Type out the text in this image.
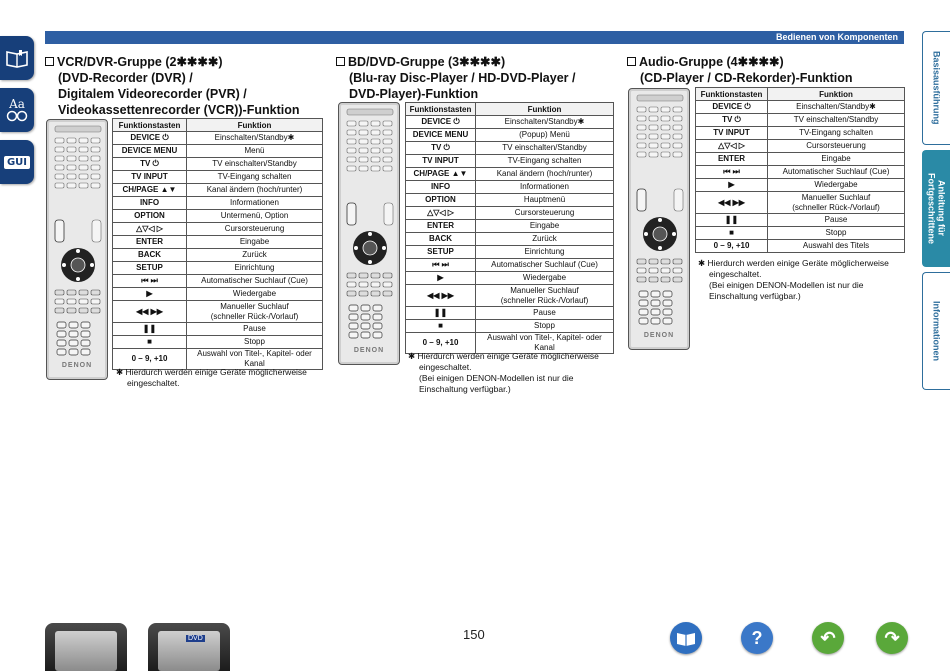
Aa
GUI
Bedienen von Komponenten
Basisausführung
Anleitung für
Fortgeschrittene
Informationen
VCR/DVR-Gruppe (2✱✱✱✱)
(DVD-Recorder (DVR) /
Digitalem Videorecorder (PVR) /
Videokassettenrecorder (VCR))-Funktion
DENON
Funktionstasten	Funktion
DEVICE ⏻	Einschalten/Standby✱
DEVICE MENU	Menü
TV ⏻	TV einschalten/Standby
TV INPUT	TV-Eingang schalten
CH/PAGE ▲▼	Kanal ändern (hoch/runter)
INFO	Informationen
OPTION	Untermenü, Option
△▽◁ ▷	Cursorsteuerung
ENTER	Eingabe
BACK	Zurück
SETUP	Einrichtung
⏮ ⏭	Automatischer Suchlauf (Cue)
▶	Wiedergabe
◀◀ ▶▶	Manueller Suchlauf
(schneller Rück-/Vorlauf)
❚❚	Pause
■	Stopp
0 – 9, +10	Auswahl von Titel-, Kapitel- oder Kanal
✱ Hierdurch werden einige Geräte möglicherweise
eingeschaltet.
BD/DVD-Gruppe (3✱✱✱✱)
(Blu-ray Disc-Player / HD-DVD-Player /
DVD-Player)-Funktion
DENON
Funktionstasten	Funktion
DEVICE ⏻	Einschalten/Standby✱
DEVICE MENU	(Popup) Menü
TV ⏻	TV einschalten/Standby
TV INPUT	TV-Eingang schalten
CH/PAGE ▲▼	Kanal ändern (hoch/runter)
INFO	Informationen
OPTION	Hauptmenü
△▽◁ ▷	Cursorsteuerung
ENTER	Eingabe
BACK	Zurück
SETUP	Einrichtung
⏮ ⏭	Automatischer Suchlauf (Cue)
▶	Wiedergabe
◀◀ ▶▶	Manueller Suchlauf
(schneller Rück-/Vorlauf)
❚❚	Pause
■	Stopp
0 – 9, +10	Auswahl von Titel-, Kapitel- oder Kanal
✱ Hierdurch werden einige Geräte möglicherweise
eingeschaltet.
(Bei einigen DENON-Modellen ist nur die
Einschaltung verfügbar.)
Audio-Gruppe (4✱✱✱✱)
(CD-Player / CD-Rekorder)-Funktion
DENON
Funktionstasten	Funktion
DEVICE ⏻	Einschalten/Standby✱
TV ⏻	TV einschalten/Standby
TV INPUT	TV-Eingang schalten
△▽◁ ▷	Cursorsteuerung
ENTER	Eingabe
⏮ ⏭	Automatischer Suchlauf (Cue)
▶	Wiedergabe
◀◀ ▶▶	Manueller Suchlauf
(schneller Rück-/Vorlauf)
❚❚	Pause
■	Stopp
0 – 9, +10	Auswahl des Titels
✱ Hierdurch werden einige Geräte möglicherweise
eingeschaltet.
(Bei einigen DENON-Modellen ist nur die
Einschaltung verfügbar.)
DVD	150	?	↶	↷
